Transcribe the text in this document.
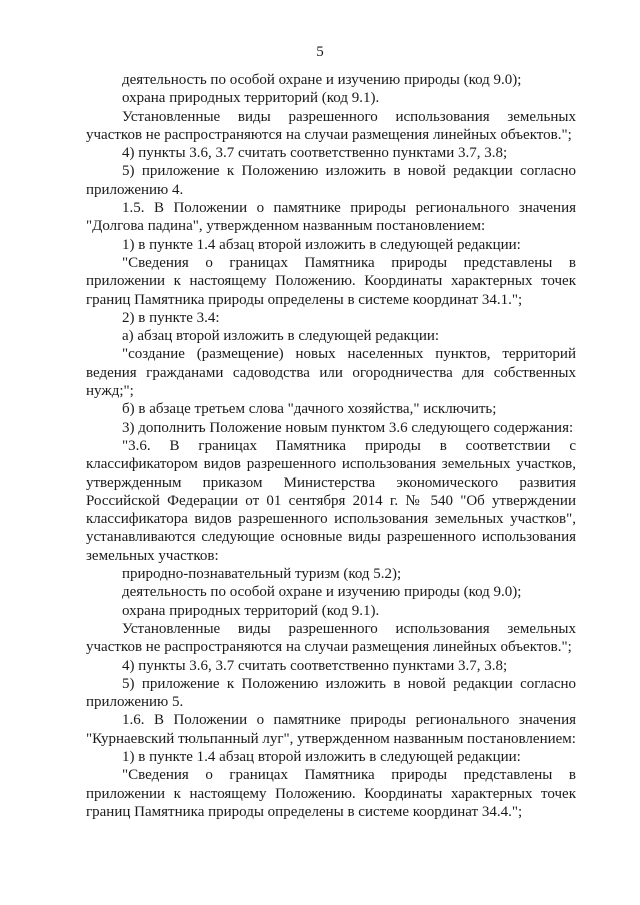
5

деятельность по особой охране и изучению природы (код 9.0);

охрана природных территорий (код 9.1).

Установленные виды разрешенного использования земельных участков не распространяются на случаи размещения линейных объектов.";

4) пункты 3.6, 3.7 считать соответственно пунктами 3.7, 3.8;

5) приложение к Положению изложить в новой редакции согласно приложению 4.

1.5. В Положении о памятнике природы регионального значения "Долгова падина", утвержденном названным постановлением:

1) в пункте 1.4 абзац второй изложить в следующей редакции:

"Сведения о границах Памятника природы представлены в приложении к настоящему Положению. Координаты характерных точек границ Памятника природы определены в системе координат 34.1.";

2) в пункте 3.4:

а) абзац второй изложить в следующей редакции:

"создание (размещение) новых населенных пунктов, территорий ведения гражданами садоводства или огородничества для собственных нужд;";

б) в абзаце третьем слова "дачного хозяйства," исключить;

3) дополнить Положение новым пунктом 3.6 следующего содержания:

"3.6. В границах Памятника природы в соответствии с классификатором видов разрешенного использования земельных участков, утвержденным приказом Министерства экономического развития Российской Федерации от 01 сентября 2014 г. № 540 "Об утверждении классификатора видов разрешенного использования земельных участков", устанавливаются следующие основные виды разрешенного использования земельных участков:

природно-познавательный туризм (код 5.2);

деятельность по особой охране и изучению природы (код 9.0);

охрана природных территорий (код 9.1).

Установленные виды разрешенного использования земельных участков не распространяются на случаи размещения линейных объектов.";

4) пункты 3.6, 3.7 считать соответственно пунктами 3.7, 3.8;

5) приложение к Положению изложить в новой редакции согласно приложению 5.

1.6. В Положении о памятнике природы регионального значения "Курнаевский тюльпанный луг", утвержденном названным постановлением:

1) в пункте 1.4 абзац второй изложить в следующей редакции:

"Сведения о границах Памятника природы представлены в приложении к настоящему Положению. Координаты характерных точек границ Памятника природы определены в системе координат 34.4.";
